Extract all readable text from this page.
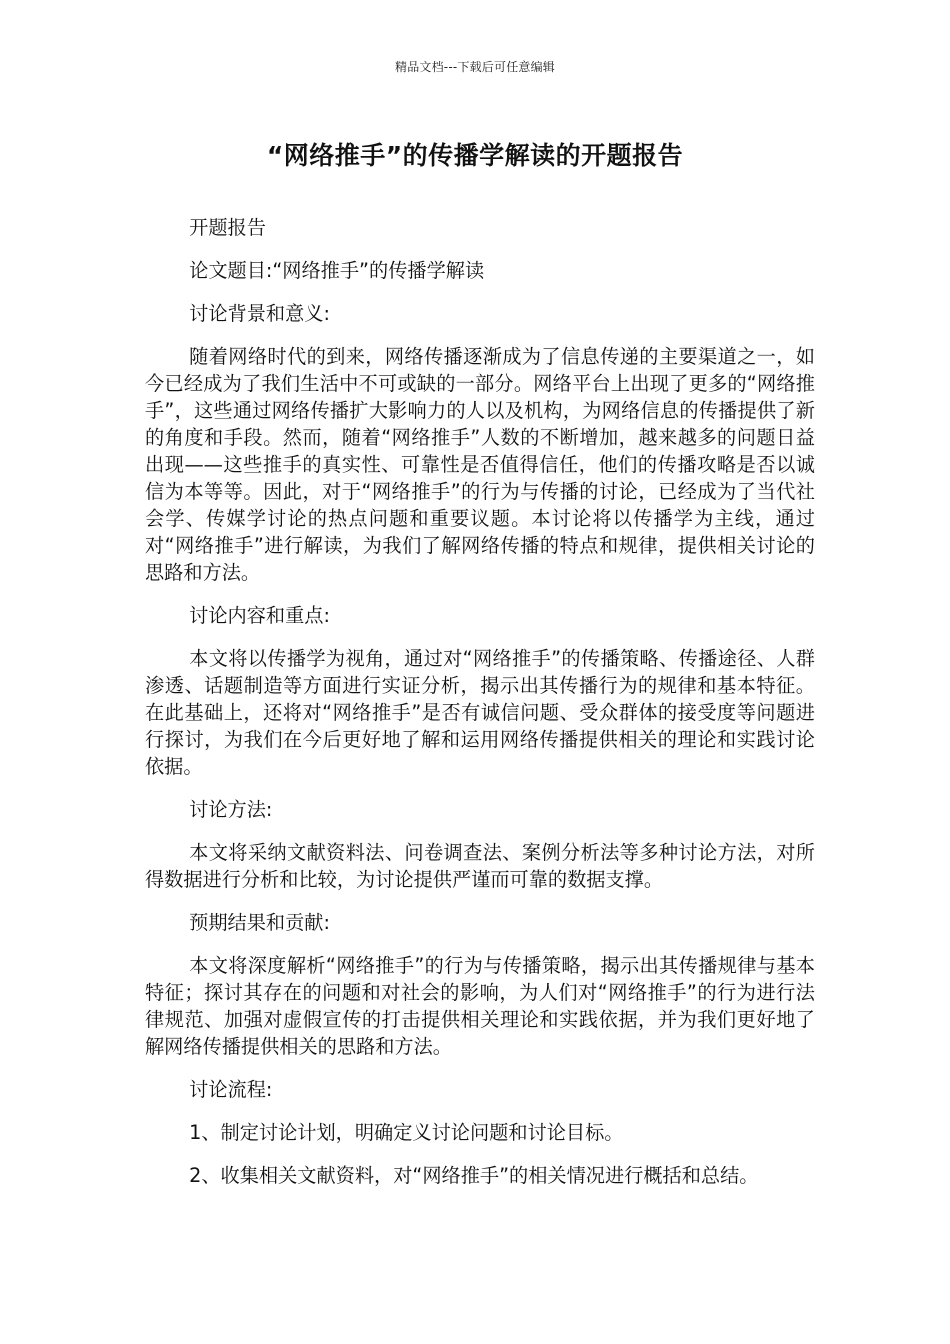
精品文档---下载后可任意编辑
“网络推手”的传播学解读的开题报告

开题报告

论文题目:“网络推手”的传播学解读

讨论背景和意义:

随着网络时代的到来，网络传播逐渐成为了信息传递的主要渠道之一，如今已经成为了我们生活中不可或缺的一部分。网络平台上出现了更多的“网络推手”，这些通过网络传播扩大影响力的人以及机构，为网络信息的传播提供了新的角度和手段。然而，随着“网络推手”人数的不断增加，越来越多的问题日益出现——这些推手的真实性、可靠性是否值得信任，他们的传播攻略是否以诚信为本等等。因此，对于“网络推手”的行为与传播的讨论，已经成为了当代社会学、传媒学讨论的热点问题和重要议题。本讨论将以传播学为主线，通过对“网络推手”进行解读，为我们了解网络传播的特点和规律，提供相关讨论的思路和方法。

讨论内容和重点:

本文将以传播学为视角，通过对“网络推手”的传播策略、传播途径、人群渗透、话题制造等方面进行实证分析，揭示出其传播行为的规律和基本特征。在此基础上，还将对“网络推手”是否有诚信问题、受众群体的接受度等问题进行探讨，为我们在今后更好地了解和运用网络传播提供相关的理论和实践讨论依据。

讨论方法:

本文将采纳文献资料法、问卷调查法、案例分析法等多种讨论方法，对所得数据进行分析和比较，为讨论提供严谨而可靠的数据支撑。

预期结果和贡献:

本文将深度解析“网络推手”的行为与传播策略，揭示出其传播规律与基本特征；探讨其存在的问题和对社会的影响，为人们对“网络推手”的行为进行法律规范、加强对虚假宣传的打击提供相关理论和实践依据，并为我们更好地了解网络传播提供相关的思路和方法。

讨论流程:

1、制定讨论计划，明确定义讨论问题和讨论目标。

2、收集相关文献资料，对“网络推手”的相关情况进行概括和总结。
